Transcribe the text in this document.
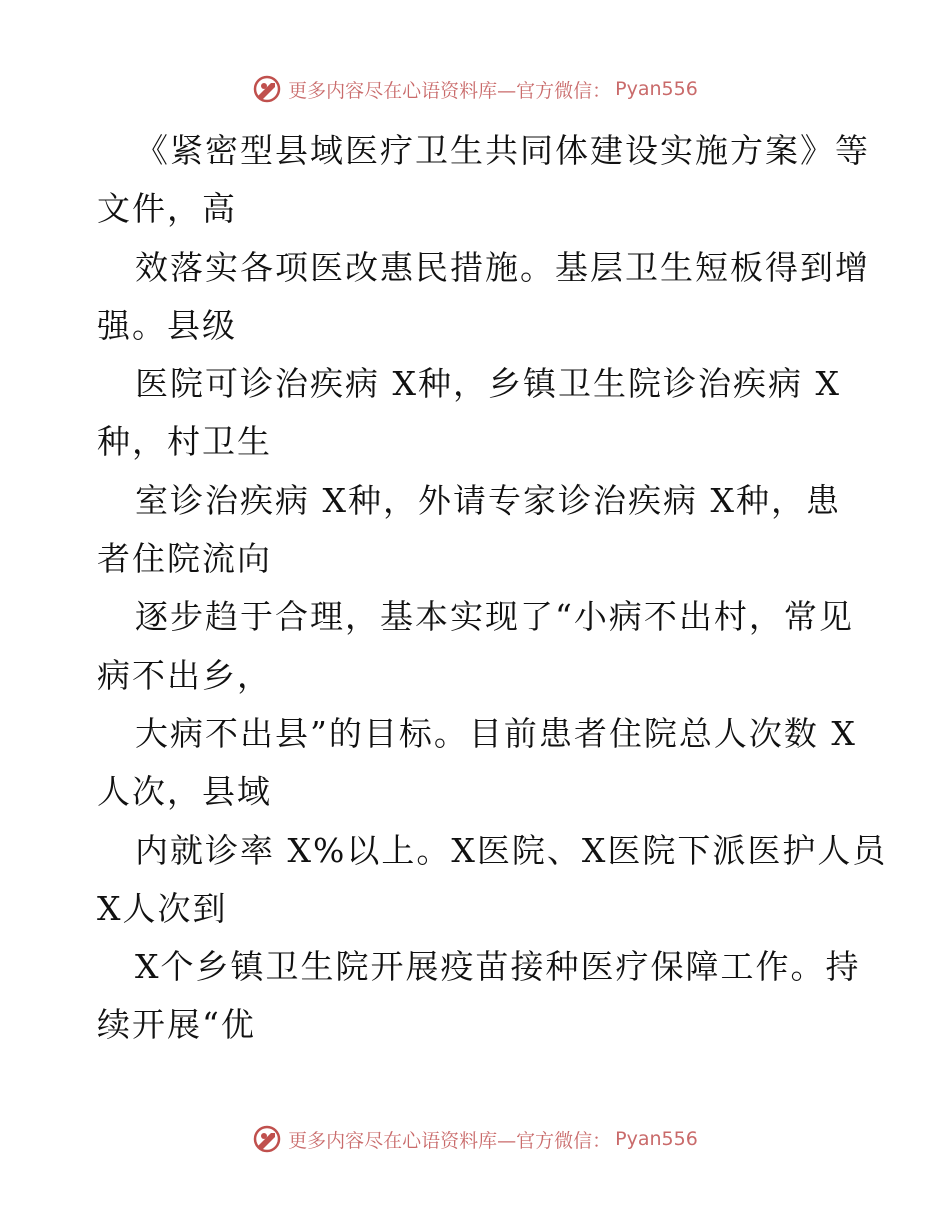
更多内容尽在心语资料库—官方微信： Pyan556
《紧密型县域医疗卫生共同体建设实施方案》等
文件，高
效落实各项医改惠民措施。基层卫生短板得到增
强。县级
医院可诊治疾病 X种，乡镇卫生院诊治疾病 X
种，村卫生
室诊治疾病 X种，外请专家诊治疾病 X种，患
者住院流向
逐步趋于合理，基本实现了“小病不出村，常见
病不出乡，
大病不出县”的目标。目前患者住院总人次数 X
人次，县域
内就诊率 X%以上。X医院、X医院下派医护人员
X人次到
X个乡镇卫生院开展疫苗接种医疗保障工作。持
续开展“优
更多内容尽在心语资料库—官方微信： Pyan556
